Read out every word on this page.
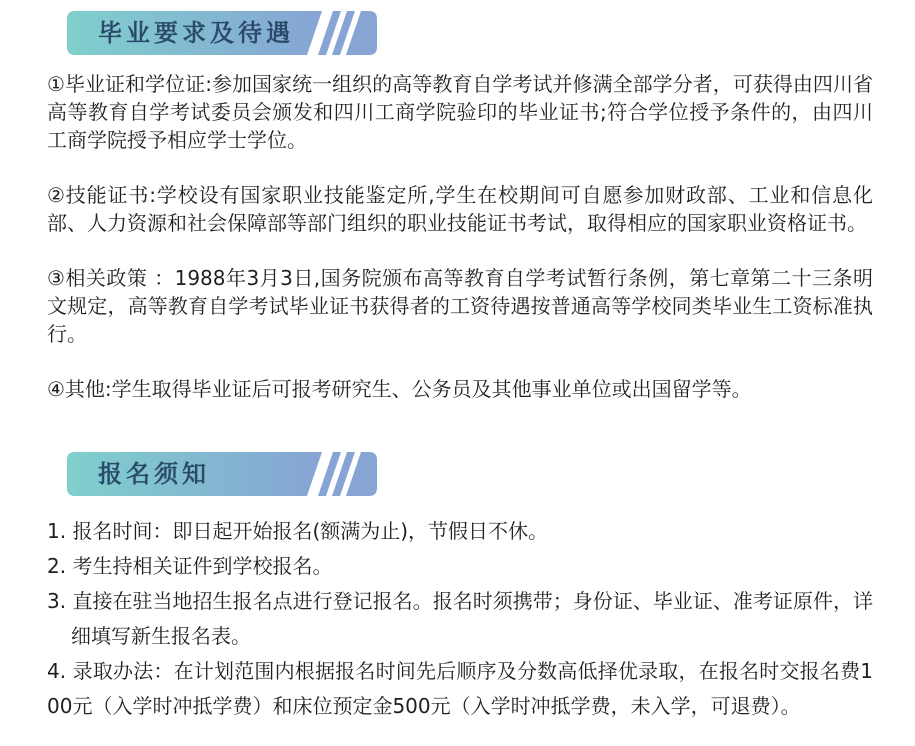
毕业要求及待遇

①毕业证和学位证:参加国家统一组织的高等教育自学考试并修满全部学分者，可获得由四川省高等教育自学考试委员会颁发和四川工商学院验印的毕业证书;符合学位授予条件的，由四川工商学院授予相应学士学位。

②技能证书:学校设有国家职业技能鉴定所,学生在校期间可自愿参加财政部、工业和信息化部、人力资源和社会保障部等部门组织的职业技能证书考试，取得相应的国家职业资格证书。

③相关政策 ：1988年3月3日,国务院颁布高等教育自学考试暂行条例，第七章第二十三条明文规定，高等教育自学考试毕业证书获得者的工资待遇按普通高等学校同类毕业生工资标准执行。

④其他:学生取得毕业证后可报考研究生、公务员及其他事业单位或出国留学等。

报名须知

1. 报名时间：即日起开始报名(额满为止)，节假日不休。

2. 考生持相关证件到学校报名。

3. 直接在驻当地招生报名点进行登记报名。报名时须携带；身份证、毕业证、准考证原件，详细填写新生报名表。

4. 录取办法：在计划范围内根据报名时间先后顺序及分数高低择优录取，在报名时交报名费100元（入学时冲抵学费）和床位预定金500元（入学时冲抵学费，未入学，可退费）。
